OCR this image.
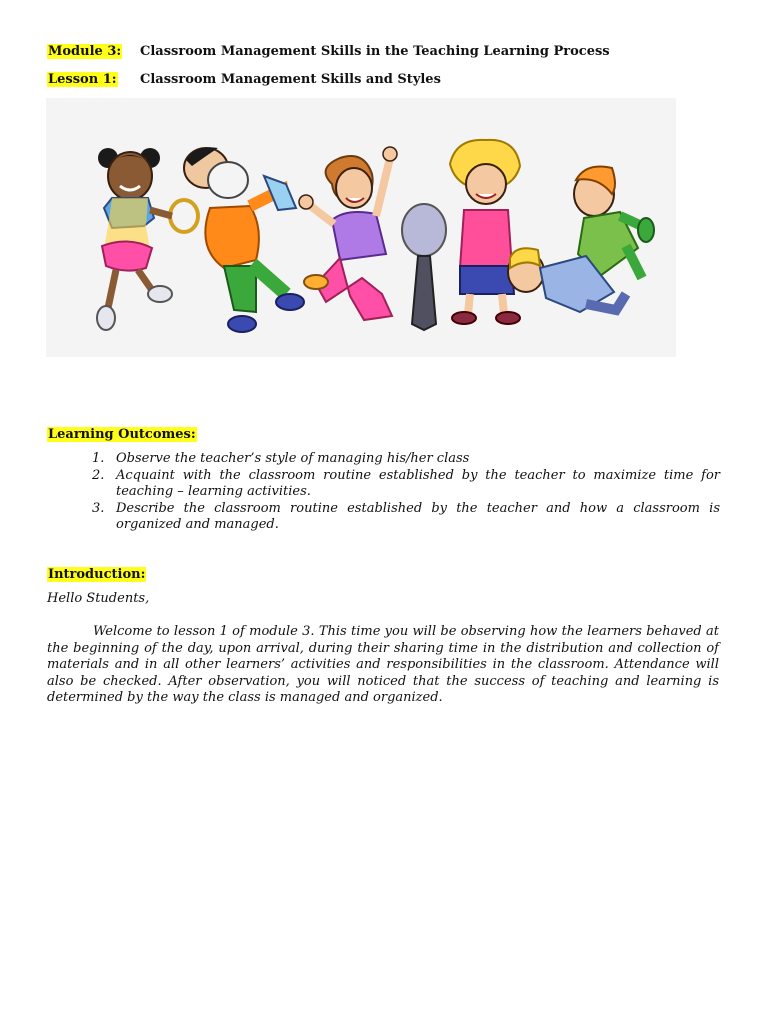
Module 3: Classroom Management Skills in the Teaching Learning Process
Lesson 1: Classroom Management Skills and Styles
Learning Outcomes:
1. Observe the teacher’s style of managing his/her class
2. Acquaint with the classroom routine established by the teacher to maximize time for teaching – learning activities.
3. Describe the classroom routine established by the teacher and how a classroom is organized and managed.
Introduction:
Hello Students,

Welcome to lesson 1 of module 3. This time you will be observing how the learners behaved at the beginning of the day, upon arrival, during their sharing time in the distribution and collection of materials and in all other learners’ activities and responsibilities in the classroom. Attendance will also be checked. After observation, you will noticed that the success of teaching and learning is determined by the way the class is managed and organized.
